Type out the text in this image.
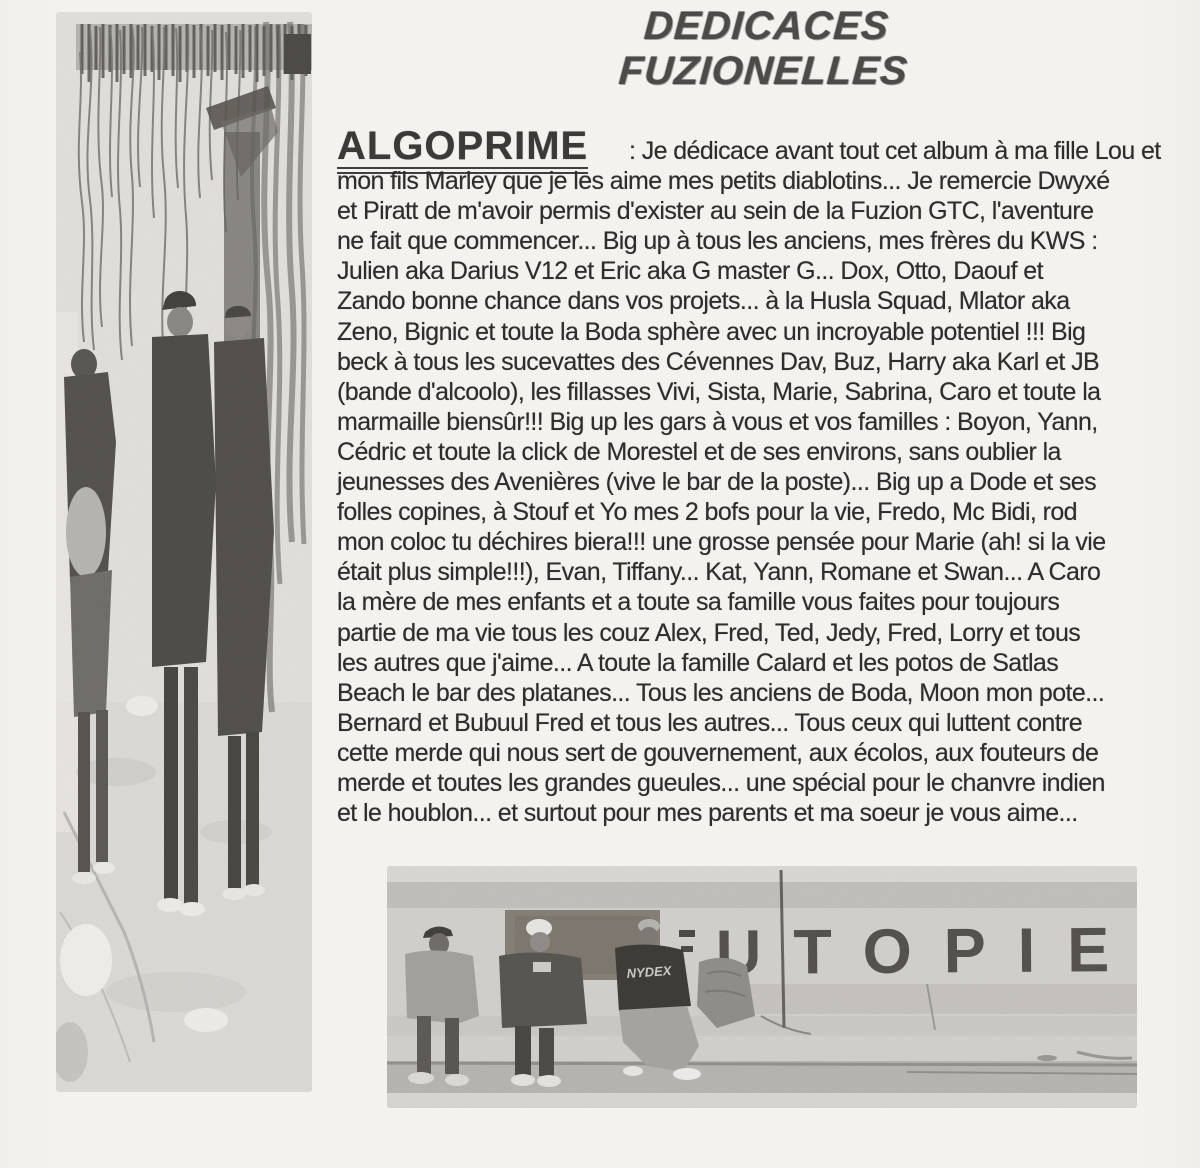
DEDICACES
FUZIONELLES
ALGOPRIME	: Je dédicace avant tout cet album à ma fille Lou et
mon fils Marley que je les aime mes petits diablotins... Je remercie Dwyxé
et Piratt de m'avoir permis d'exister au sein de la Fuzion GTC, l'aventure
ne fait que commencer... Big up à tous les anciens, mes frères du KWS :
Julien aka Darius V12 et Eric aka G master G... Dox, Otto, Daouf et
Zando bonne chance dans vos projets... à la Husla Squad, Mlator aka
Zeno, Bignic et toute la Boda sphère avec un incroyable potentiel !!! Big
beck à tous les sucevattes des Cévennes Dav, Buz, Harry aka Karl et JB
(bande d'alcoolo), les fillasses Vivi, Sista, Marie, Sabrina, Caro et toute la
marmaille biensûr!!! Big up les gars à vous et vos familles : Boyon, Yann,
Cédric et toute la click de Morestel et de ses environs, sans oublier la
jeunesses des Avenières (vive le bar de la poste)... Big up a Dode et ses
folles copines, à Stouf et Yo mes 2 bofs pour la vie, Fredo, Mc Bidi, rod
mon coloc tu déchires biera!!! une grosse pensée pour Marie (ah! si la vie
était plus simple!!!), Evan, Tiffany... Kat, Yann, Romane et Swan... A Caro
la mère de mes enfants et a toute sa famille vous faites pour toujours
partie de ma vie tous les couz Alex, Fred, Ted, Jedy, Fred, Lorry et tous
les autres que j'aime... A toute la famille Calard et les potos de Satlas
Beach le bar des platanes... Tous les anciens de Boda, Moon mon pote...
Bernard et Bubuul Fred et tous les autres... Tous ceux qui luttent contre
cette merde qui nous sert de gouvernement, aux écolos, aux fouteurs de
merde et toutes les grandes gueules... une spécial pour le chanvre indien
et le houblon... et surtout pour mes parents et ma soeur je vous aime...
